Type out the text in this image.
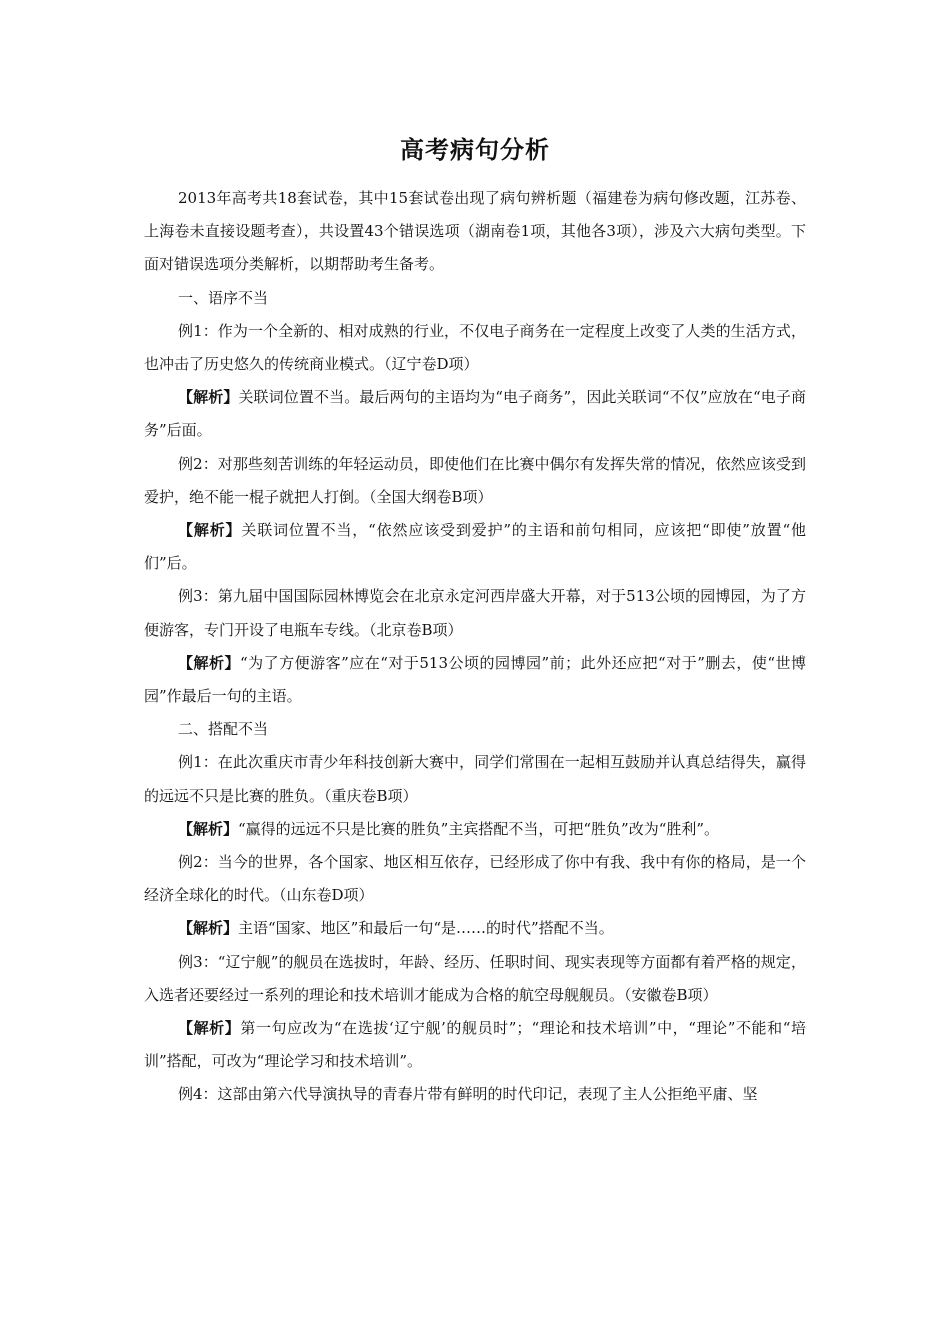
高考病句分析

2013年高考共18套试卷，其中15套试卷出现了病句辨析题（福建卷为病句修改题，江苏卷、上海卷未直接设题考查），共设置43个错误选项（湖南卷1项，其他各3项），涉及六大病句类型。下面对错误选项分类解析，以期帮助考生备考。

一、语序不当

例1：作为一个全新的、相对成熟的行业，不仅电子商务在一定程度上改变了人类的生活方式，也冲击了历史悠久的传统商业模式。（辽宁卷D项）

【解析】关联词位置不当。最后两句的主语均为“电子商务”，因此关联词“不仅”应放在“电子商务”后面。

例2：对那些刻苦训练的年轻运动员，即使他们在比赛中偶尔有发挥失常的情况，依然应该受到爱护，绝不能一棍子就把人打倒。（全国大纲卷B项）

【解析】关联词位置不当，“依然应该受到爱护”的主语和前句相同，应该把“即使”放置“他们”后。

例3：第九届中国国际园林博览会在北京永定河西岸盛大开幕，对于513公顷的园博园，为了方便游客，专门开设了电瓶车专线。（北京卷B项）

【解析】“为了方便游客”应在“对于513公顷的园博园”前；此外还应把“对于”删去，使“世博园”作最后一句的主语。

二、搭配不当

例1：在此次重庆市青少年科技创新大赛中，同学们常围在一起相互鼓励并认真总结得失，赢得的远远不只是比赛的胜负。（重庆卷B项）

【解析】“赢得的远远不只是比赛的胜负”主宾搭配不当，可把“胜负”改为“胜利”。

例2：当今的世界，各个国家、地区相互依存，已经形成了你中有我、我中有你的格局，是一个经济全球化的时代。（山东卷D项）

【解析】主语“国家、地区”和最后一句“是……的时代”搭配不当。

例3：“辽宁舰”的舰员在选拔时，年龄、经历、任职时间、现实表现等方面都有着严格的规定，入选者还要经过一系列的理论和技术培训才能成为合格的航空母舰舰员。（安徽卷B项）

【解析】第一句应改为“在选拔‘辽宁舰’的舰员时”；“理论和技术培训”中，“理论”不能和“培训”搭配，可改为“理论学习和技术培训”。

例4：这部由第六代导演执导的青春片带有鲜明的时代印记，表现了主人公拒绝平庸、坚
